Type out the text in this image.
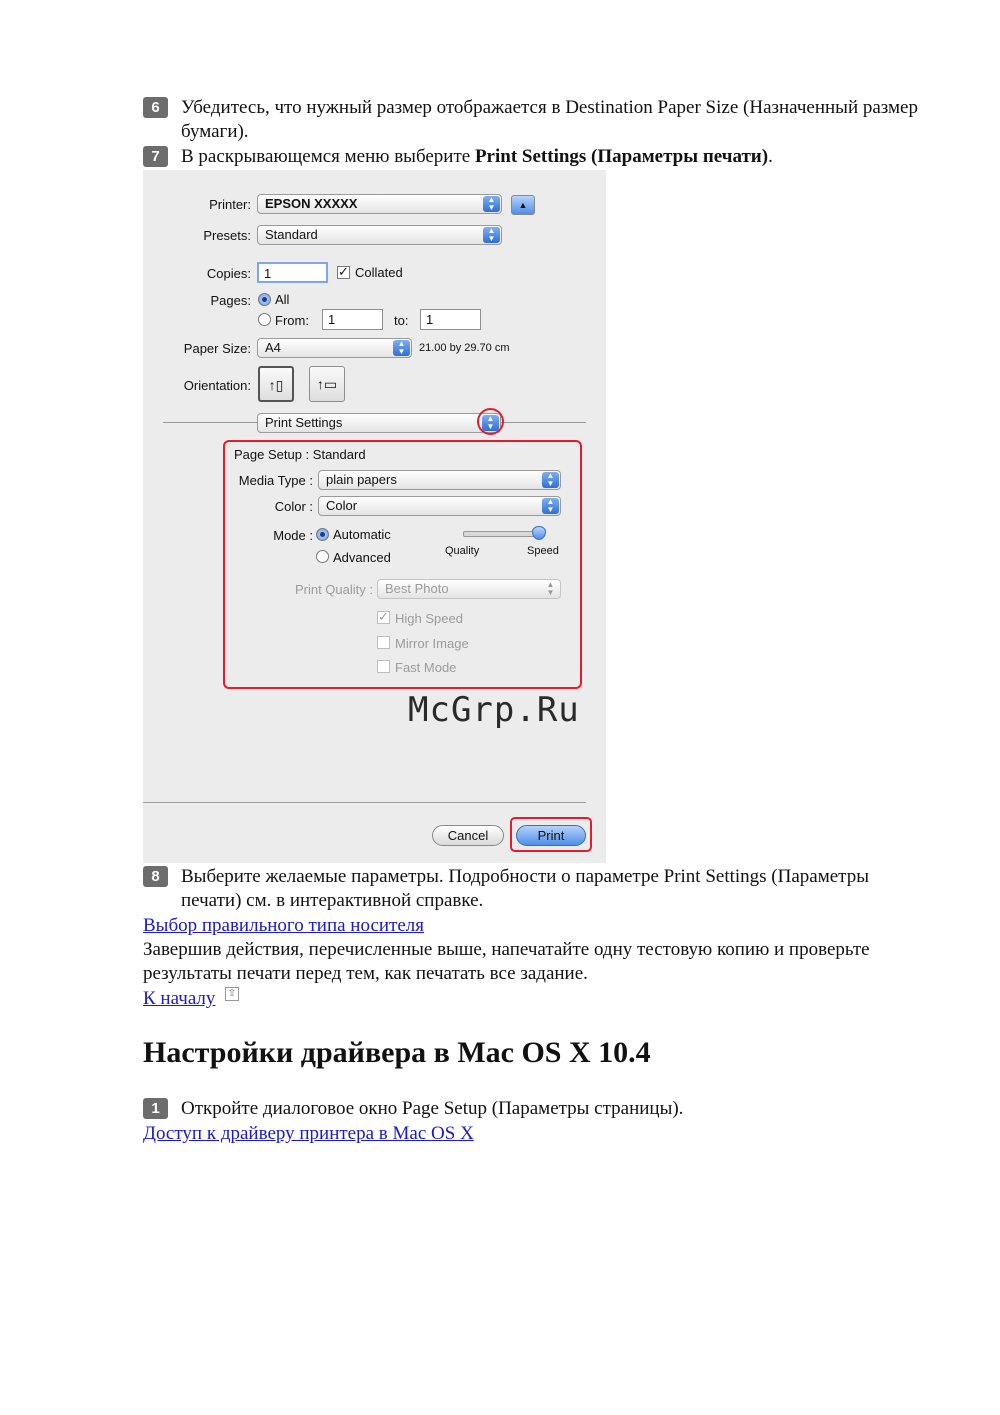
6	Убедитесь, что нужный размер отображается в Destination Paper Size (Назначенный размер бумаги).
7	В раскрывающемся меню выберите Print Settings (Параметры печати).
Printer:	EPSON XXXXX	▲
▼	▲
Presets:	Standard	▲
▼
Copies:	1	✓ Collated
Pages: All
From:	1	to:	1
Paper Size:	A4	▲
▼	21.00 by 29.70 cm
Orientation:	↑▯	↑▭
Print Settings	▲
▼
Page Setup : Standard
Media Type :	plain papers	▲
▼
Color :	Color	▲
▼
Mode : Automatic
Advanced	Quality	Speed
Print Quality : Best Photo	▲
▼
✓ High Speed
Mirror Image
Fast Mode
Cancel	Print
McGrp.Ru
8	Выберите желаемые параметры. Подробности о параметре Print Settings (Параметры печати) см. в интерактивной справке.
Выбор правильного типа носителя
Завершив действия, перечисленные выше, напечатайте одну тестовую копию и проверьте результаты печати перед тем, как печатать все задание.
К началу ⇧
Настройки драйвера в Mac OS X 10.4
1	Откройте диалоговое окно Page Setup (Параметры страницы).
Доступ к драйверу принтера в Mac OS X
